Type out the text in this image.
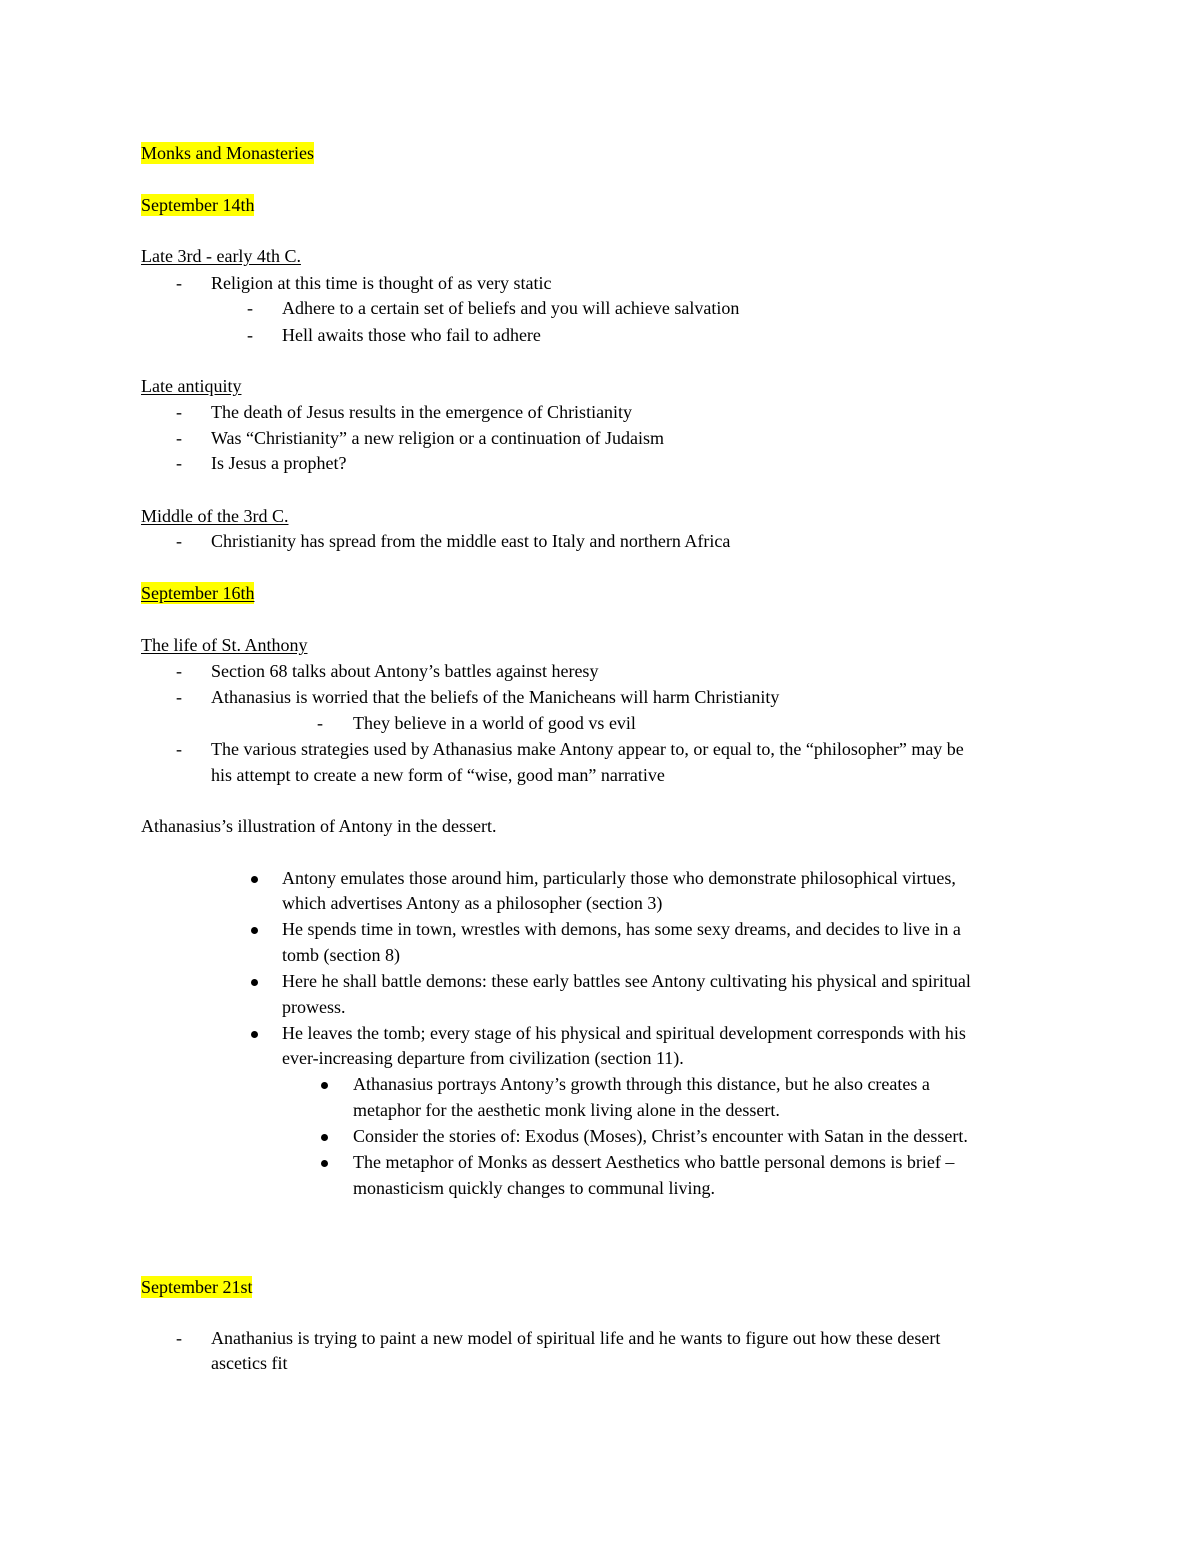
Monks and Monasteries
September 14th
Late 3rd - early 4th C.
- Religion at this time is thought of as very static
- Adhere to a certain set of beliefs and you will achieve salvation
- Hell awaits those who fail to adhere
Late antiquity
- The death of Jesus results in the emergence of Christianity
- Was “Christianity” a new religion or a continuation of Judaism
- Is Jesus a prophet?
Middle of the 3rd C.
- Christianity has spread from the middle east to Italy and northern Africa
September 16th
The life of St. Anthony
- Section 68 talks about Antony’s battles against heresy
- Athanasius is worried that the beliefs of the Manicheans will harm Christianity
- They believe in a world of good vs evil
- The various strategies used by Athanasius make Antony appear to, or equal to, the “philosopher” may be
his attempt to create a new form of “wise, good man” narrative
Athanasius’s illustration of Antony in the dessert.
Antony emulates those around him, particularly those who demonstrate philosophical virtues,
which advertises Antony as a philosopher (section 3)
He spends time in town, wrestles with demons, has some sexy dreams, and decides to live in a
tomb (section 8)
Here he shall battle demons: these early battles see Antony cultivating his physical and spiritual
prowess.
He leaves the tomb; every stage of his physical and spiritual development corresponds with his
ever-increasing departure from civilization (section 11).
Athanasius portrays Antony’s growth through this distance, but he also creates a
metaphor for the aesthetic monk living alone in the dessert.
Consider the stories of: Exodus (Moses), Christ’s encounter with Satan in the dessert.
The metaphor of Monks as dessert Aesthetics who battle personal demons is brief –
monasticism quickly changes to communal living.
September 21st
- Anathanius is trying to paint a new model of spiritual life and he wants to figure out how these desert
ascetics fit
